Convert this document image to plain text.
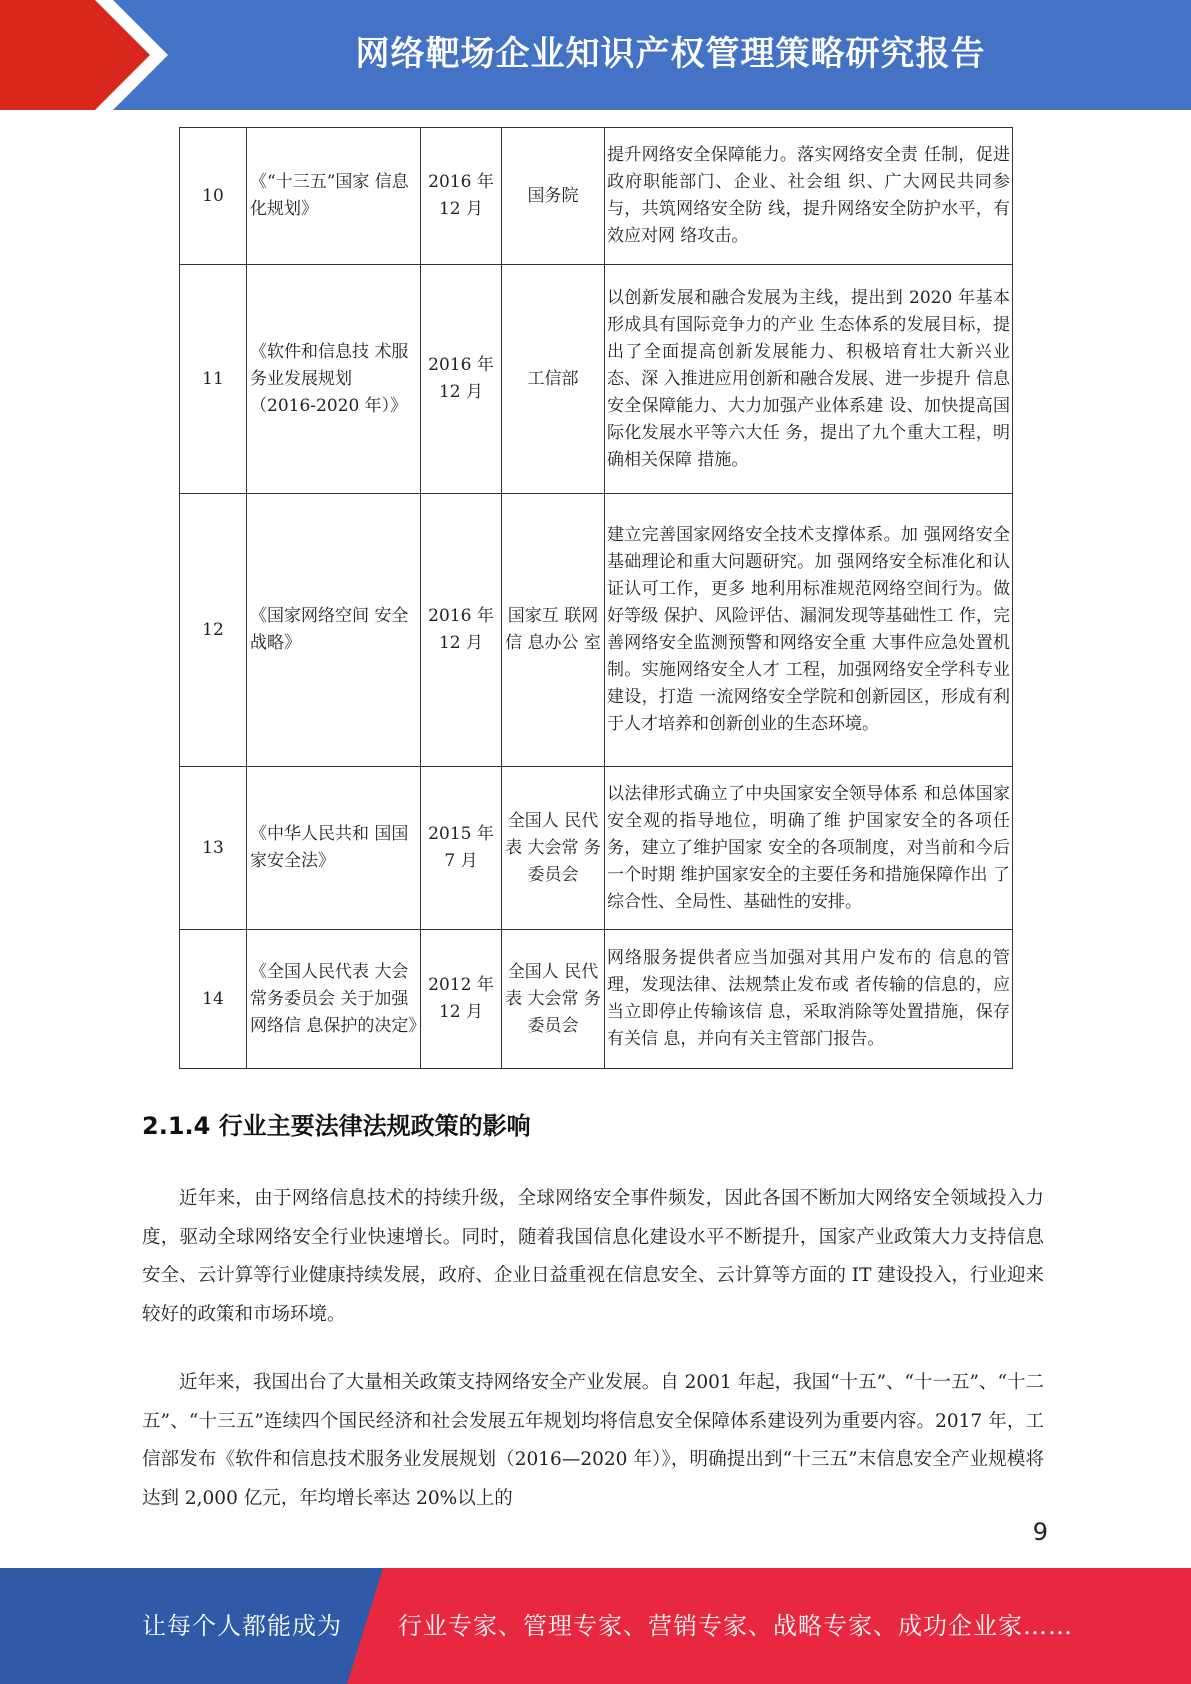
网络靶场企业知识产权管理策略研究报告
10	《“十三五”国家 信息化规划》	2016 年 12 月	国务院	提升网络安全保障能力。落实网络安全责 任制，促进政府职能部门、企业、社会组 织、广大网民共同参与，共筑网络安全防 线，提升网络安全防护水平，有效应对网 络攻击。
11	《软件和信息技 术服务业发展规划（2016-2020 年）》	2016 年 12 月	工信部	以创新发展和融合发展为主线，提出到 2020 年基本形成具有国际竞争力的产业 生态体系的发展目标，提出了全面提高创新发展能力、积极培育壮大新兴业态、深 入推进应用创新和融合发展、进一步提升 信息安全保障能力、大力加强产业体系建 设、加快提高国际化发展水平等六大任 务，提出了九个重大工程，明确相关保障 措施。
12	《国家网络空间 安全战略》	2016 年 12 月	国家互 联网信 息办公 室	建立完善国家网络安全技术支撑体系。加 强网络安全基础理论和重大问题研究。加 强网络安全标准化和认证认可工作，更多 地利用标准规范网络空间行为。做好等级 保护、风险评估、漏洞发现等基础性工 作，完善网络安全监测预警和网络安全重 大事件应急处置机制。实施网络安全人才 工程，加强网络安全学科专业建设，打造 一流网络安全学院和创新园区，形成有利 于人才培养和创新创业的生态环境。
13	《中华人民共和 国国家安全法》	2015 年 7 月	全国人 民代表 大会常 务委员会	以法律形式确立了中央国家安全领导体系 和总体国家安全观的指导地位，明确了维 护国家安全的各项任务，建立了维护国家 安全的各项制度，对当前和今后一个时期 维护国家安全的主要任务和措施保障作出 了综合性、全局性、基础性的安排。
14	《全国人民代表 大会常务委员会 关于加强网络信 息保护的决定》	2012 年 12 月	全国人 民代表 大会常 务委员会	网络服务提供者应当加强对其用户发布的 信息的管理，发现法律、法规禁止发布或 者传输的信息的，应当立即停止传输该信 息，采取消除等处置措施，保存有关信 息，并向有关主管部门报告。
2.1.4 行业主要法律法规政策的影响

近年来，由于网络信息技术的持续升级，全球网络安全事件频发，因此各国不断加大网络安全领域投入力度，驱动全球网络安全行业快速增长。同时，随着我国信息化建设水平不断提升，国家产业政策大力支持信息安全、云计算等行业健康持续发展，政府、企业日益重视在信息安全、云计算等方面的 IT 建设投入，行业迎来较好的政策和市场环境。

近年来，我国出台了大量相关政策支持网络安全产业发展。自 2001 年起，我国“十五”、“十一五”、“十二五”、“十三五”连续四个国民经济和社会发展五年规划均将信息安全保障体系建设列为重要内容。2017 年，工信部发布《软件和信息技术服务业发展规划（2016—2020 年）》，明确提出到“十三五”末信息安全产业规模将达到 2,000 亿元，年均增长率达 20%以上的

9
让每个人都能成为 行业专家、管理专家、营销专家、战略专家、成功企业家……
